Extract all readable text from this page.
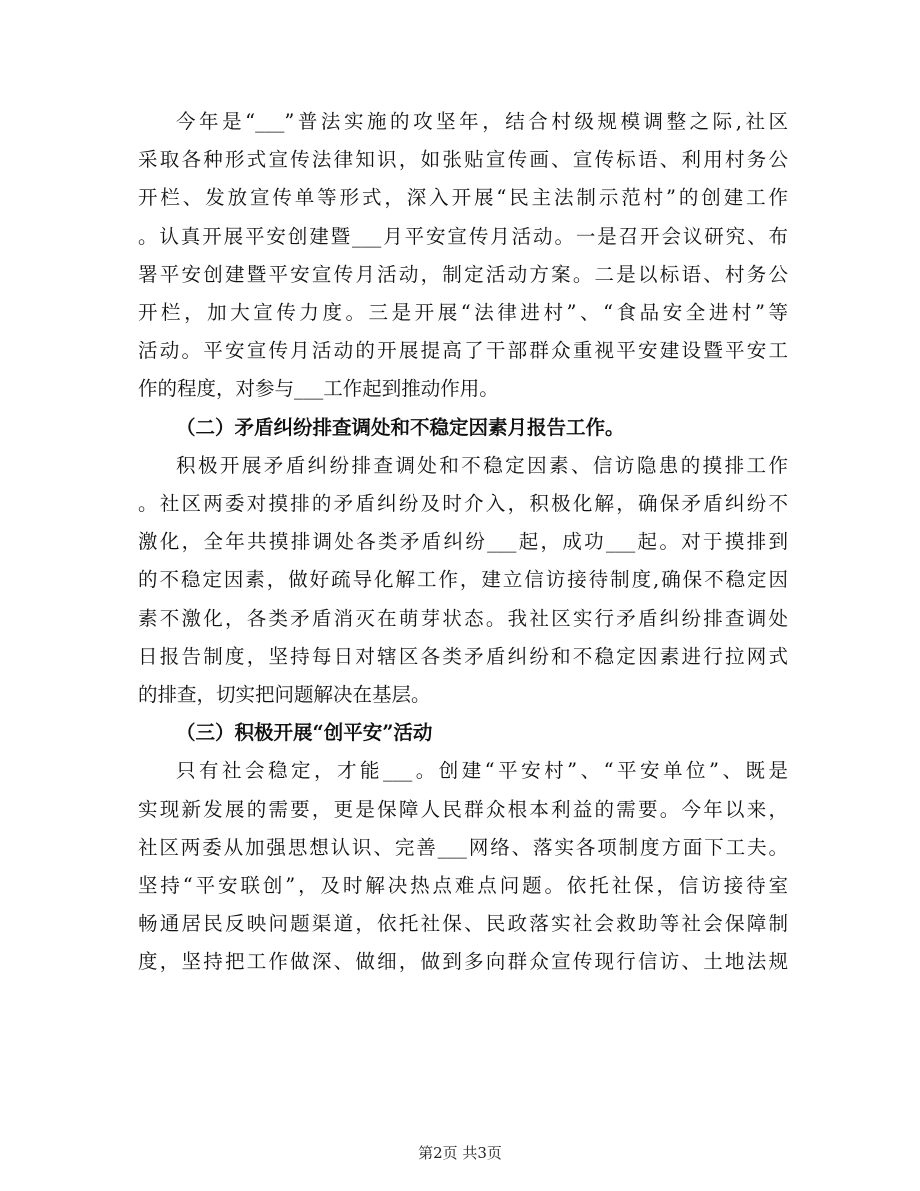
今年是“___”普法实施的攻坚年，结合村级规模调整之际,社区
采取各种形式宣传法律知识，如张贴宣传画、宣传标语、利用村务公
开栏、发放宣传单等形式，深入开展“民主法制示范村”的创建工作
。认真开展平安创建暨___月平安宣传月活动。一是召开会议研究、布
署平安创建暨平安宣传月活动，制定活动方案。二是以标语、村务公
开栏，加大宣传力度。三是开展“法律进村”、“食品安全进村”等
活动。平安宣传月活动的开展提高了干部群众重视平安建设暨平安工
作的程度，对参与___工作起到推动作用。
（二）矛盾纠纷排查调处和不稳定因素月报告工作。
积极开展矛盾纠纷排查调处和不稳定因素、信访隐患的摸排工作
。社区两委对摸排的矛盾纠纷及时介入，积极化解，确保矛盾纠纷不
激化，全年共摸排调处各类矛盾纠纷___起，成功___起。对于摸排到
的不稳定因素，做好疏导化解工作，建立信访接待制度,确保不稳定因
素不激化，各类矛盾消灭在萌芽状态。我社区实行矛盾纠纷排查调处
日报告制度，坚持每日对辖区各类矛盾纠纷和不稳定因素进行拉网式
的排查，切实把问题解决在基层。
（三）积极开展“创平安”活动
只有社会稳定，才能___。创建“平安村”、“平安单位”、既是
实现新发展的需要，更是保障人民群众根本利益的需要。今年以来，
社区两委从加强思想认识、完善___网络、落实各项制度方面下工夫。
坚持“平安联创”，及时解决热点难点问题。依托社保，信访接待室
畅通居民反映问题渠道，依托社保、民政落实社会救助等社会保障制
度，坚持把工作做深、做细，做到多向群众宣传现行信访、土地法规
第2页 共3页
